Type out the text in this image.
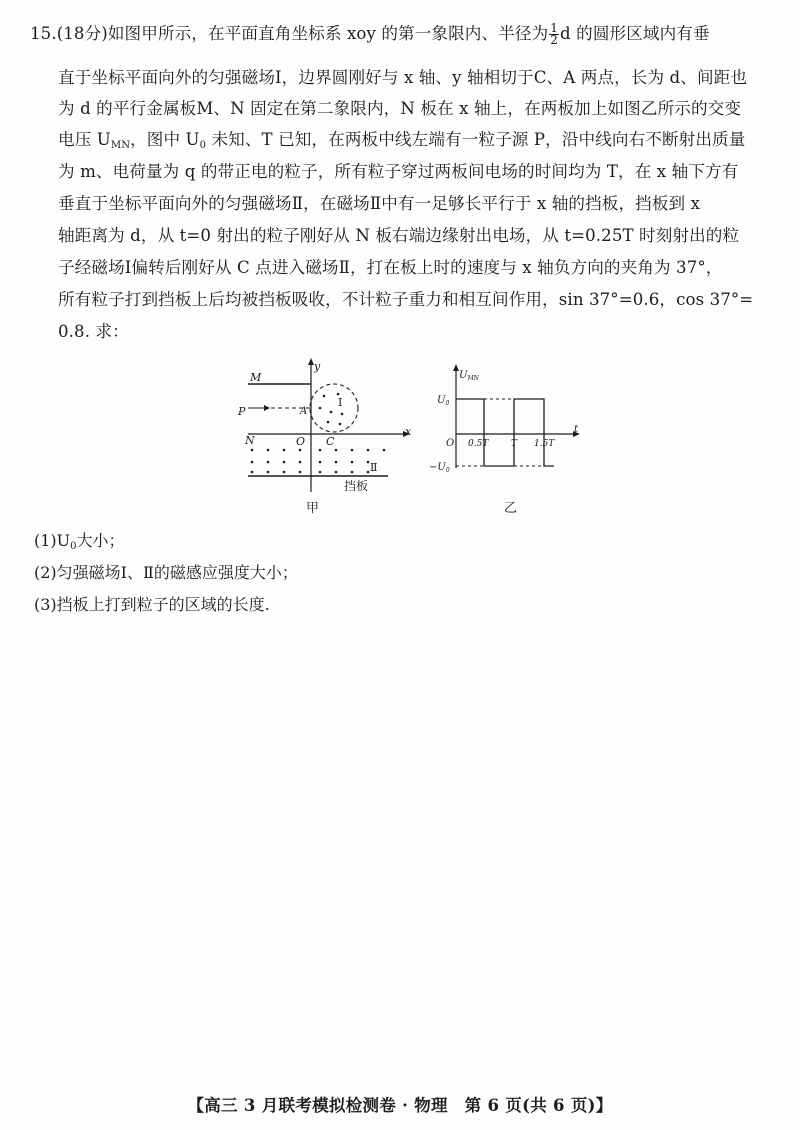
15.(18分)如图甲所示，在平面直角坐标系 xoy 的第一象限内、半径为 $\frac{1}{2}$ d 的圆形区域内有垂
直于坐标平面向外的匀强磁场Ⅰ，边界圆刚好与 x 轴、y 轴相切于C、A 两点，长为 d、间距也
为 d 的平行金属板M、N 固定在第二象限内，N 板在 x 轴上，在两板加上如图乙所示的交变
电压 $U_{MN}$，图中 $U_0$ 未知、T 已知，在两板中线左端有一粒子源 P，沿中线向右不断射出质量
为 m、电荷量为 q 的带正电的粒子，所有粒子穿过两板间电场的时间均为 T，在 x 轴下方有
垂直于坐标平面向外的匀强磁场Ⅱ，在磁场Ⅱ中有一足够长平行于 x 轴的挡板，挡板到 x
轴距离为 d，从 t=0 射出的粒子刚好从 N 板右端边缘射出电场，从 t=0.25T 时刻射出的粒
子经磁场Ⅰ偏转后刚好从 C 点进入磁场Ⅱ，打在板上时的速度与 x 轴负方向的夹角为 37°，
所有粒子打到挡板上后均被挡板吸收，不计粒子重力和相互间作用，sin 37°=0.6，cos 37°=
0.8. 求：
y
x
M
P	A
N	O C
Ⅰ
Ⅱ
挡板
甲
$U_{MN}$
t
$U_0$
$-U_0$
O 0.5T	T 1.5T
乙
$(1)U_0$大小；
(2)匀强磁场Ⅰ、Ⅱ的磁感应强度大小；
(3)挡板上打到粒子的区域的长度.
【高三 3 月联考模拟检测卷 · 物理　第 6 页(共 6 页)】
